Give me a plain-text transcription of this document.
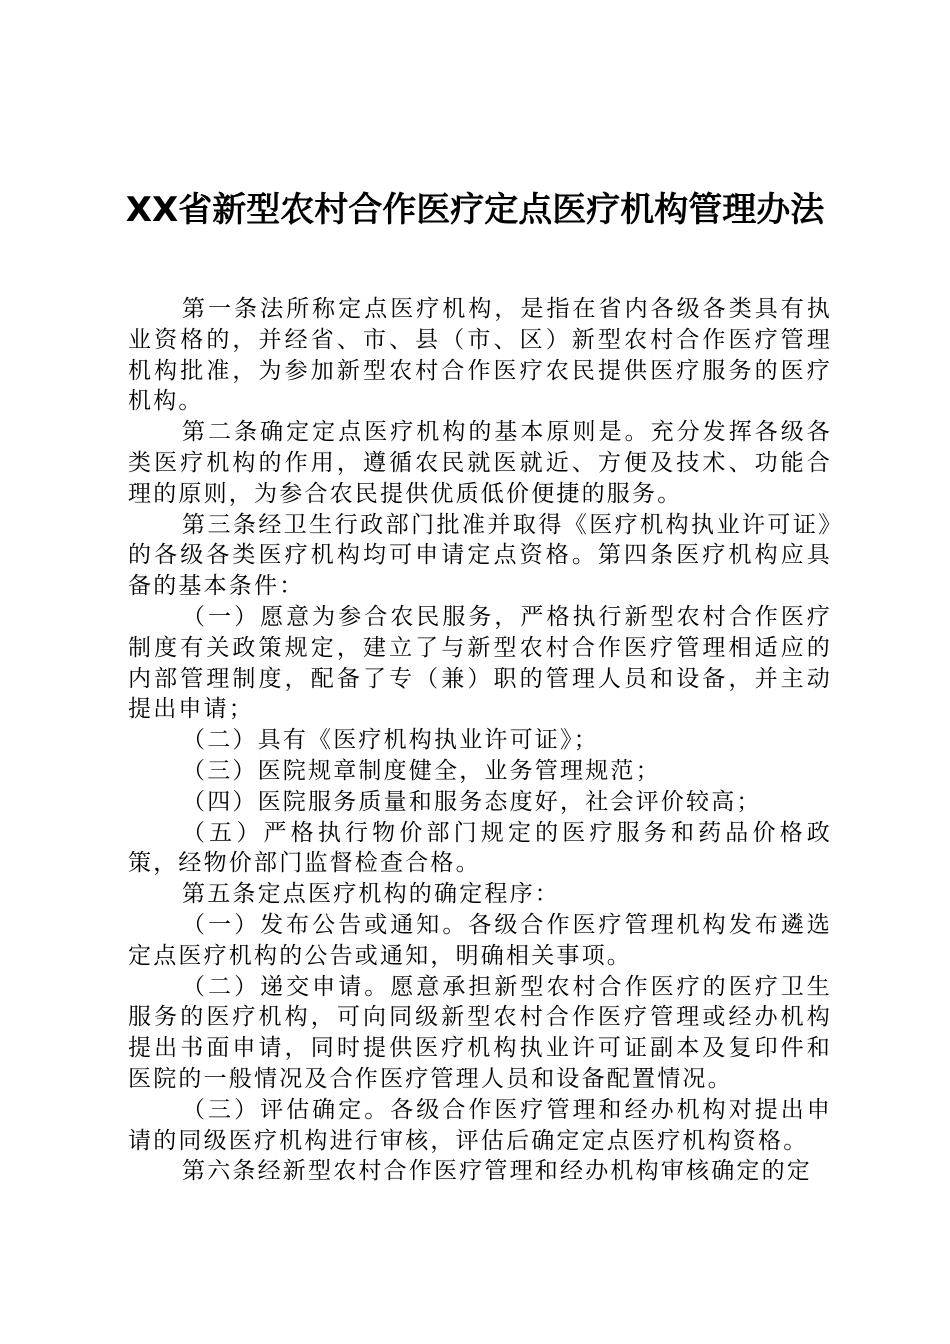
XX省新型农村合作医疗定点医疗机构管理办法

第一条法所称定点医疗机构，是指在省内各级各类具有执业资格的，并经省、市、县（市、区）新型农村合作医疗管理机构批准，为参加新型农村合作医疗农民提供医疗服务的医疗机构。

第二条确定定点医疗机构的基本原则是。充分发挥各级各类医疗机构的作用，遵循农民就医就近、方便及技术、功能合理的原则，为参合农民提供优质低价便捷的服务。

第三条经卫生行政部门批准并取得《医疗机构执业许可证》的各级各类医疗机构均可申请定点资格。第四条医疗机构应具备的基本条件：

（一）愿意为参合农民服务，严格执行新型农村合作医疗制度有关政策规定，建立了与新型农村合作医疗管理相适应的内部管理制度，配备了专（兼）职的管理人员和设备，并主动提出申请；

（二）具有《医疗机构执业许可证》；

（三）医院规章制度健全，业务管理规范；

（四）医院服务质量和服务态度好，社会评价较高；

（五）严格执行物价部门规定的医疗服务和药品价格政策，经物价部门监督检查合格。

第五条定点医疗机构的确定程序：

（一）发布公告或通知。各级合作医疗管理机构发布遴选定点医疗机构的公告或通知，明确相关事项。

（二）递交申请。愿意承担新型农村合作医疗的医疗卫生服务的医疗机构，可向同级新型农村合作医疗管理或经办机构提出书面申请，同时提供医疗机构执业许可证副本及复印件和医院的一般情况及合作医疗管理人员和设备配置情况。

（三）评估确定。各级合作医疗管理和经办机构对提出申请的同级医疗机构进行审核，评估后确定定点医疗机构资格。

第六条经新型农村合作医疗管理和经办机构审核确定的定
